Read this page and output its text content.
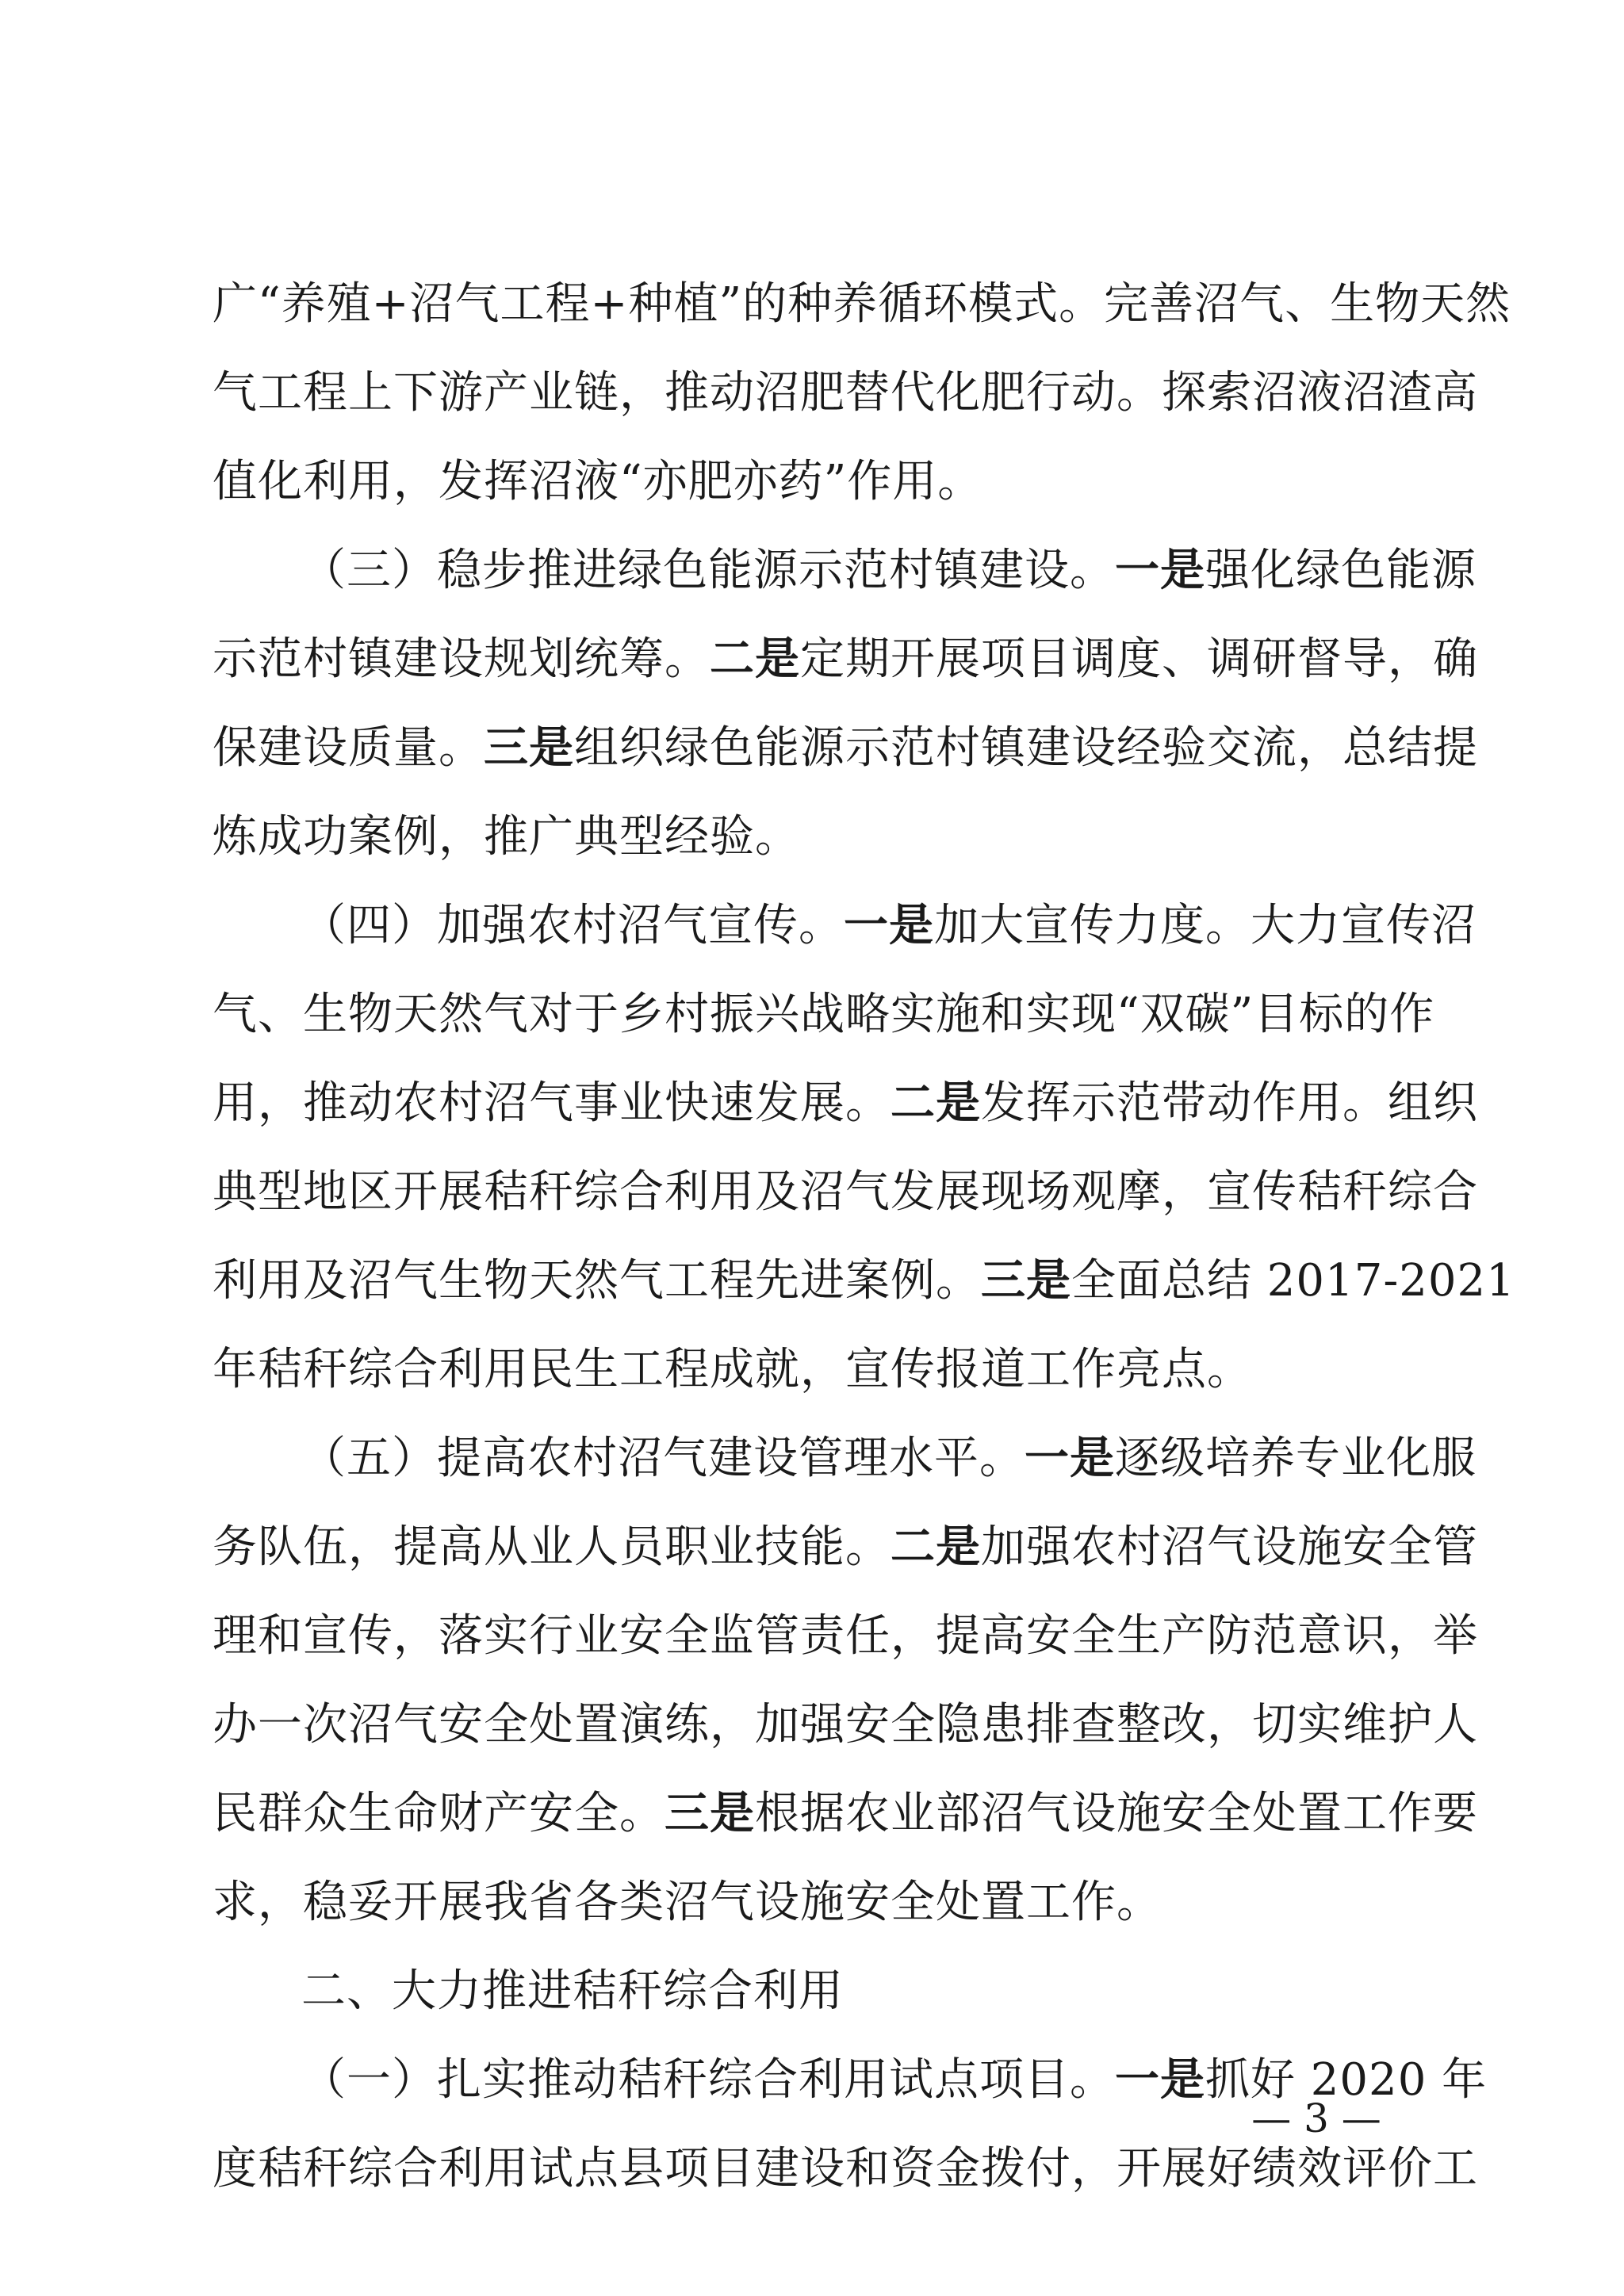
广“养殖+沼气工程+种植”的种养循环模式。完善沼气、生物天然
气工程上下游产业链，推动沼肥替代化肥行动。探索沼液沼渣高
值化利用，发挥沼液“亦肥亦药”作用。
（三）稳步推进绿色能源示范村镇建设。一是强化绿色能源
示范村镇建设规划统筹。二是定期开展项目调度、调研督导，确
保建设质量。三是组织绿色能源示范村镇建设经验交流，总结提
炼成功案例，推广典型经验。
（四）加强农村沼气宣传。一是加大宣传力度。大力宣传沼
气、生物天然气对于乡村振兴战略实施和实现“双碳”目标的作
用，推动农村沼气事业快速发展。二是发挥示范带动作用。组织
典型地区开展秸秆综合利用及沼气发展现场观摩，宣传秸秆综合
利用及沼气生物天然气工程先进案例。三是全面总结 2017-2021
年秸秆综合利用民生工程成就，宣传报道工作亮点。
（五）提高农村沼气建设管理水平。一是逐级培养专业化服
务队伍，提高从业人员职业技能。二是加强农村沼气设施安全管
理和宣传，落实行业安全监管责任，提高安全生产防范意识，举
办一次沼气安全处置演练，加强安全隐患排查整改，切实维护人
民群众生命财产安全。三是根据农业部沼气设施安全处置工作要
求，稳妥开展我省各类沼气设施安全处置工作。
二、大力推进秸秆综合利用
（一）扎实推动秸秆综合利用试点项目。一是抓好 2020 年
度秸秆综合利用试点县项目建设和资金拨付，开展好绩效评价工
— 3 —
